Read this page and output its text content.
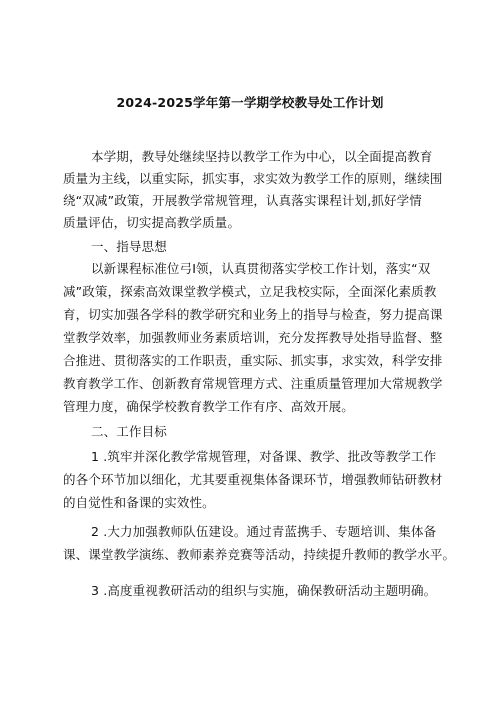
2024-2025学年第一学期学校教导处工作计划
本学期，教导处继续坚持以教学工作为中心，以全面提高教育
质量为主线，以重实际，抓实事，求实效为教学工作的原则，继续围
绕“双减”政策，开展教学常规管理，认真落实课程计划,抓好学情
质量评估，切实提高教学质量。
一、指导思想
以新课程标准位弓I领，认真贯彻落实学校工作计划，落实“双
减”政策，探索高效课堂教学模式，立足我校实际，全面深化素质教
育，切实加强各学科的教学研究和业务上的指导与检查，努力提高课
堂教学效率，加强教师业务素质培训，充分发挥教导处指导监督、整
合推进、贯彻落实的工作职责，重实际、抓实事，求实效，科学安排
教育教学工作、创新教育常规管理方式、注重质量管理加大常规教学
管理力度，确保学校教育教学工作有序、高效开展。
二、工作目标
1 .筑牢并深化教学常规管理，对备课、教学、批改等教学工作
的各个环节加以细化，尤其要重视集体备课环节，增强教师钻研教材
的自觉性和备课的实效性。
2 .大力加强教师队伍建设。通过青蓝携手、专题培训、集体备
课、课堂教学演练、教师素养竞赛等活动，持续提升教师的教学水平。
3 .高度重视教研活动的组织与实施，确保教研活动主题明确。
